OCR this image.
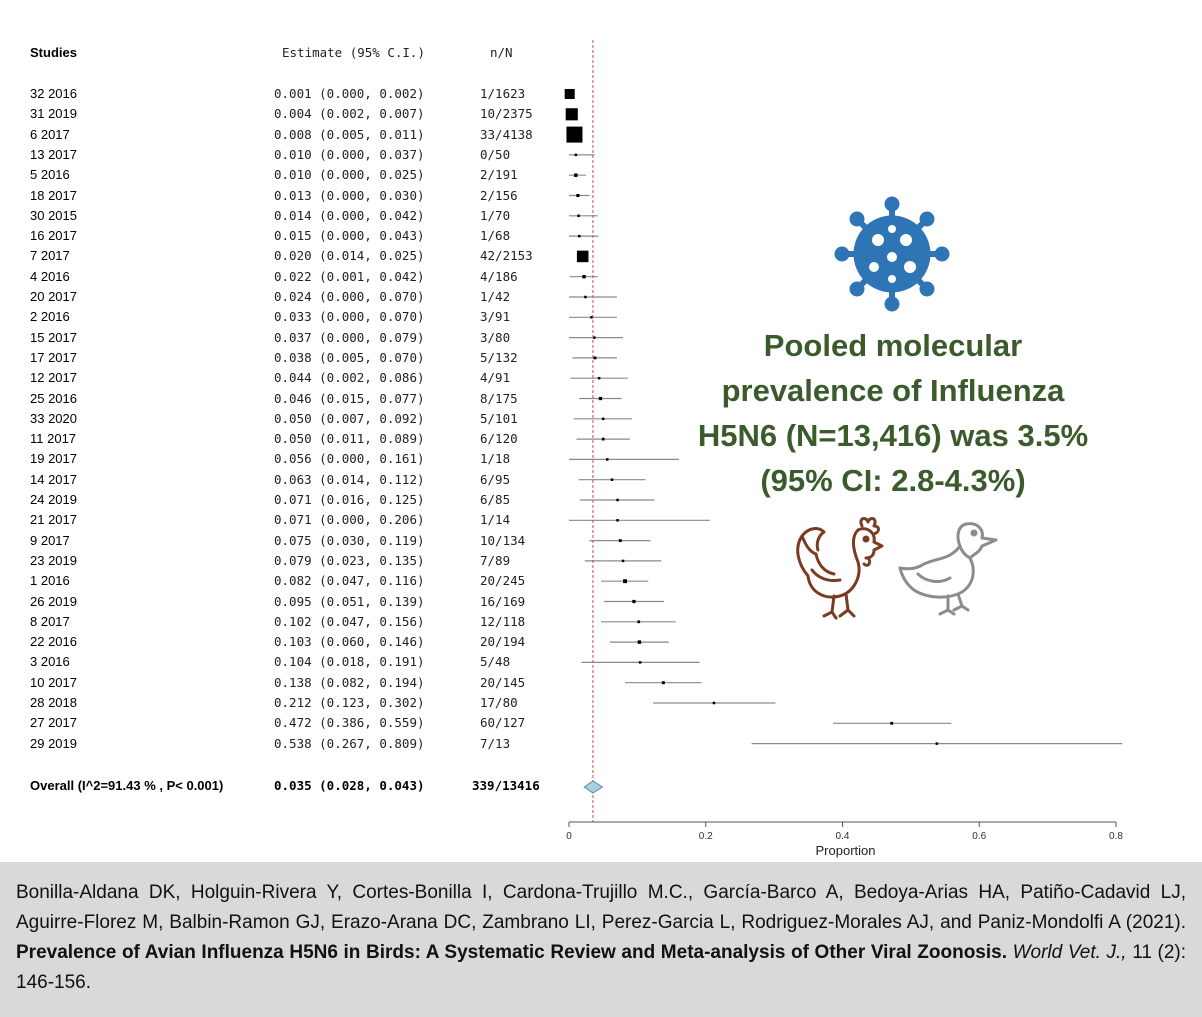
Studies	Estimate (95% C.I.)	n/N
32 2016	0.001 (0.000, 0.002)	1/1623
31 2019	0.004 (0.002, 0.007)	10/2375
6 2017	0.008 (0.005, 0.011)	33/4138
13 2017	0.010 (0.000, 0.037)	0/50
5 2016	0.010 (0.000, 0.025)	2/191
18 2017	0.013 (0.000, 0.030)	2/156
30 2015	0.014 (0.000, 0.042)	1/70
16 2017	0.015 (0.000, 0.043)	1/68
7 2017	0.020 (0.014, 0.025)	42/2153
4 2016	0.022 (0.001, 0.042)	4/186
20 2017	0.024 (0.000, 0.070)	1/42
2 2016	0.033 (0.000, 0.070)	3/91
15 2017	0.037 (0.000, 0.079)	3/80
17 2017	0.038 (0.005, 0.070)	5/132
12 2017	0.044 (0.002, 0.086)	4/91
25 2016	0.046 (0.015, 0.077)	8/175
33 2020	0.050 (0.007, 0.092)	5/101
11 2017	0.050 (0.011, 0.089)	6/120
19 2017	0.056 (0.000, 0.161)	1/18
14 2017	0.063 (0.014, 0.112)	6/95
24 2019	0.071 (0.016, 0.125)	6/85
21 2017	0.071 (0.000, 0.206)	1/14
9 2017	0.075 (0.030, 0.119)	10/134
23 2019	0.079 (0.023, 0.135)	7/89
1 2016	0.082 (0.047, 0.116)	20/245
26 2019	0.095 (0.051, 0.139)	16/169
8 2017	0.102 (0.047, 0.156)	12/118
22 2016	0.103 (0.060, 0.146)	20/194
3 2016	0.104 (0.018, 0.191)	5/48
10 2017	0.138 (0.082, 0.194)	20/145
28 2018	0.212 (0.123, 0.302)	17/80
27 2017	0.472 (0.386, 0.559)	60/127
29 2019	0.538 (0.267, 0.809)	7/13
Overall (I^2=91.43 % , P< 0.001)	0.035 (0.028, 0.043)	339/13416
0	0.2	0.4	0.6	0.8
Proportion
Pooled molecular prevalence of Influenza H5N6 (N=13,416) was 3.5% (95% CI: 2.8-4.3%)
Bonilla-Aldana DK, Holguin-Rivera Y, Cortes-Bonilla I, Cardona-Trujillo M.C., García-Barco A, Bedoya-Arias HA, Patiño-Cadavid LJ, Aguirre-Florez M, Balbin-Ramon GJ, Erazo-Arana DC, Zambrano LI, Perez-Garcia L, Rodriguez-Morales AJ, and Paniz-Mondolfi A (2021). Prevalence of Avian Influenza H5N6 in Birds: A Systematic Review and Meta-analysis of Other Viral Zoonosis. World Vet. J., 11 (2): 146-156.
